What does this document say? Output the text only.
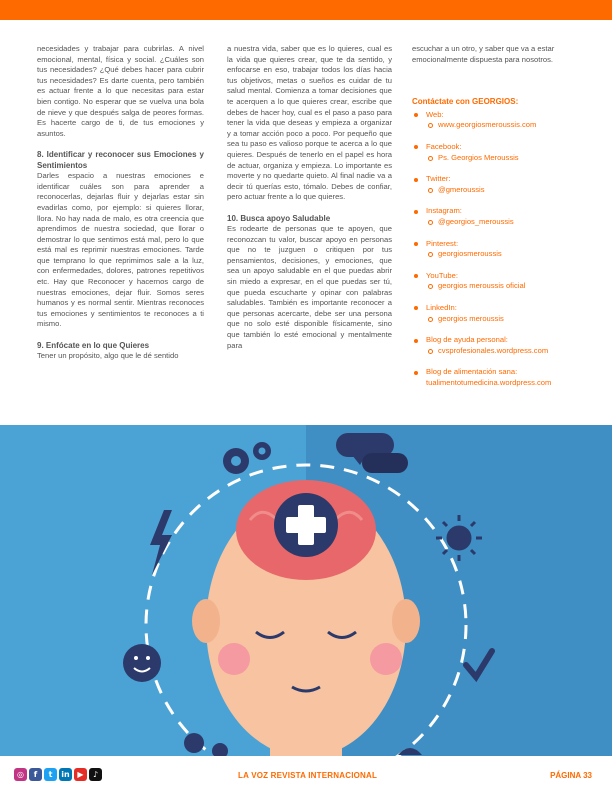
necesidades y trabajar para cubrirlas. A nivel emocional, mental, física y social. ¿Cuáles son tus necesidades? ¿Qué debes hacer para cubrir tus necesidades? Es darte cuenta, pero también es actuar frente a lo que necesitas para estar bien contigo. No esperar que se vuelva una bola de nieve y que después salga de peores formas. Es hacerte cargo de ti, de tus emociones y asuntos.

8. Identificar y reconocer sus Emociones y Sentimientos

Darles espacio a nuestras emociones e identificar cuáles son para aprender a reconocerlas, dejarlas fluir y dejarlas estar sin evadirlas como, por ejemplo: si quieres llorar, llora. No hay nada de malo, es otra creencia que aprendimos de nuestra sociedad, que llorar o demostrar lo que sentimos está mal, pero lo que está mal es reprimir nuestras emociones. Tarde que temprano lo que reprimimos sale a la luz, con enfermedades, dolores, patrones repetitivos etc. Hay que Reconocer y hacernos cargo de nuestras emociones, dejar fluir. Somos seres humanos y es normal sentir. Mientras reconoces tus emociones y sentimientos te reconoces a ti mismo.

9. Enfócate en lo que Quieres

Tener un propósito, algo que le dé sentido

a nuestra vida, saber que es lo quieres, cual es la vida que quieres crear, que te da sentido, y enfocarse en eso, trabajar todos los días hacia tus objetivos, metas o sueños es cuidar de tu salud mental. Comienza a tomar decisiones que te acerquen a lo que quieres crear, escribe que debes de hacer hoy, cual es el paso a paso para tener la vida que deseas y empieza a organizar y a tomar acción poco a poco. Por pequeño que sea tu paso es valioso porque te acerca a lo que quieres. Después de tenerlo en el papel es hora de actuar, organiza y empieza. Lo importante es moverte y no quedarte quieto. Al final nadie va a decir tú querías esto, tómalo. Debes de confiar, pero actuar frente a lo que quieres.

10. Busca apoyo Saludable

Es rodearte de personas que te apoyen, que reconozcan tu valor, buscar apoyo en personas que no te juzguen o critiquen por tus pensamientos, decisiones, y emociones, que sea un apoyo saludable en el que puedas abrir sin miedo a expresar, en el que puedas ser tú, que pueda escucharte y opinar con palabras saludables. También es importante reconocer a que personas acercarte, debe ser una persona que no solo esté disponible físicamente, sino que también lo esté emocional y mentalmente para

escuchar a un otro, y saber que va a estar emocionalmente dispuesta para nosotros.

Contáctate con GEORGIOS:
Web:
www.georgiosmeroussis.com
Facebook:
Ps. Georgios Meroussis
Twitter:
@gmeroussis
Instagram:
@georgios_meroussis
Pinterest:
georgiosmeroussis
YouTube:
georgios meroussis oficial
LinkedIn:
georgios meroussis
Blog de ayuda personal:
cvsprofesionales.wordpress.com
Blog de alimentación sana:
tualimentotumedicina.wordpress.com
◎	f	t	in ▶	♪	LA VOZ REVISTA INTERNACIONAL	PÁGINA 33
